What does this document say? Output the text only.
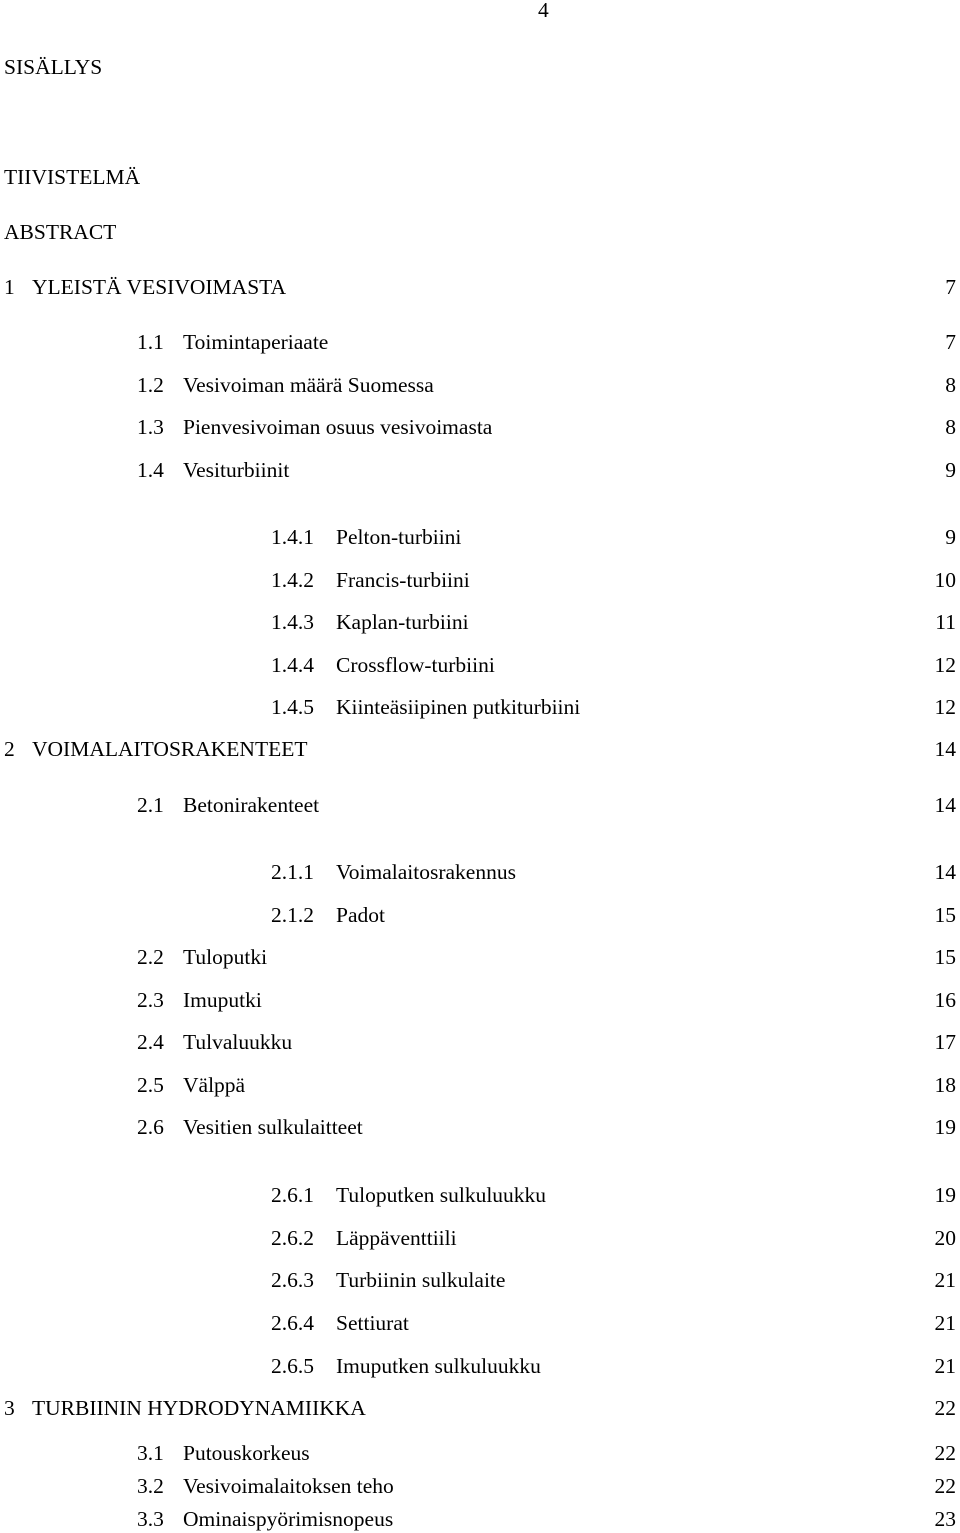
4
SISÄLLYS
TIIVISTELMÄ
ABSTRACT
1 YLEISTÄ VESIVOIMASTA	7
1.1 Toimintaperiaate	7
1.2 Vesivoiman määrä Suomessa	8
1.3 Pienvesivoiman osuus vesivoimasta	8
1.4 Vesiturbiinit	9
1.4.1 Pelton-turbiini	9
1.4.2 Francis-turbiini	10
1.4.3 Kaplan-turbiini	11
1.4.4 Crossflow-turbiini	12
1.4.5 Kiinteäsiipinen putkiturbiini	12
2 VOIMALAITOSRAKENTEET	14
2.1 Betonirakenteet	14
2.1.1 Voimalaitosrakennus	14
2.1.2 Padot	15
2.2 Tuloputki	15
2.3 Imuputki	16
2.4 Tulvaluukku	17
2.5 Välppä	18
2.6 Vesitien sulkulaitteet	19
2.6.1 Tuloputken sulkuluukku	19
2.6.2 Läppäventtiili	20
2.6.3 Turbiinin sulkulaite	21
2.6.4 Settiurat	21
2.6.5 Imuputken sulkuluukku	21
3 TURBIININ HYDRODYNAMIIKKA	22
3.1 Putouskorkeus	22
3.2 Vesivoimalaitoksen teho	22
3.3 Ominaispyörimisnopeus	23
